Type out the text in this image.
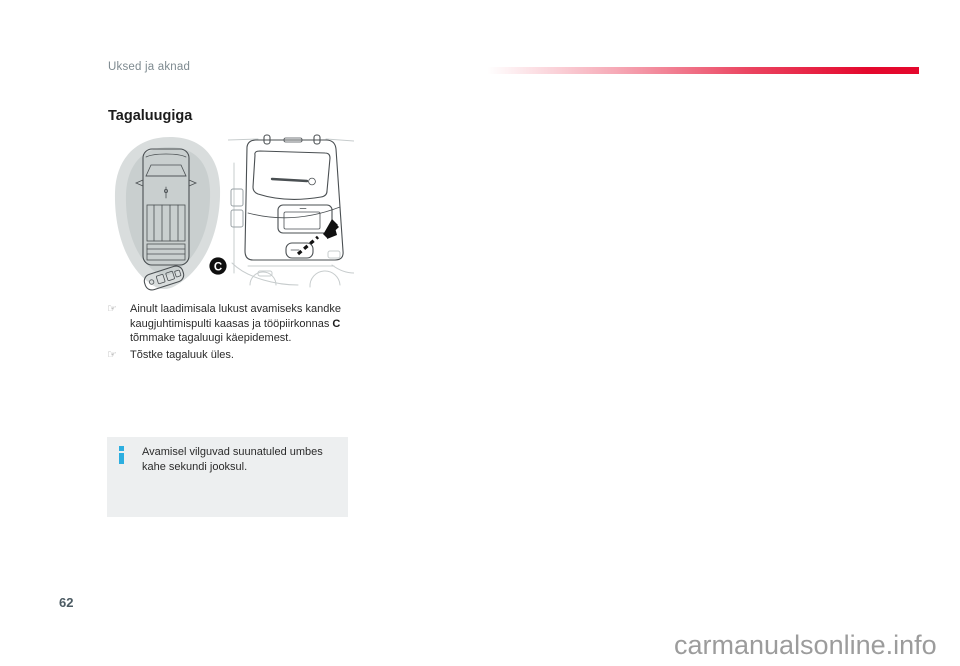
Uksed ja aknad
Tagaluugiga
C
☞	Ainult laadimisala lukust avamiseks kandke kaugjuhtimispulti kaasas ja tööpiirkonnas C tõmmake tagaluugi käepidemest.
☞	Tõstke tagaluuk üles.
Avamisel vilguvad suunatuled umbes kahe sekundi jooksul.
62
carmanualsonline.info
